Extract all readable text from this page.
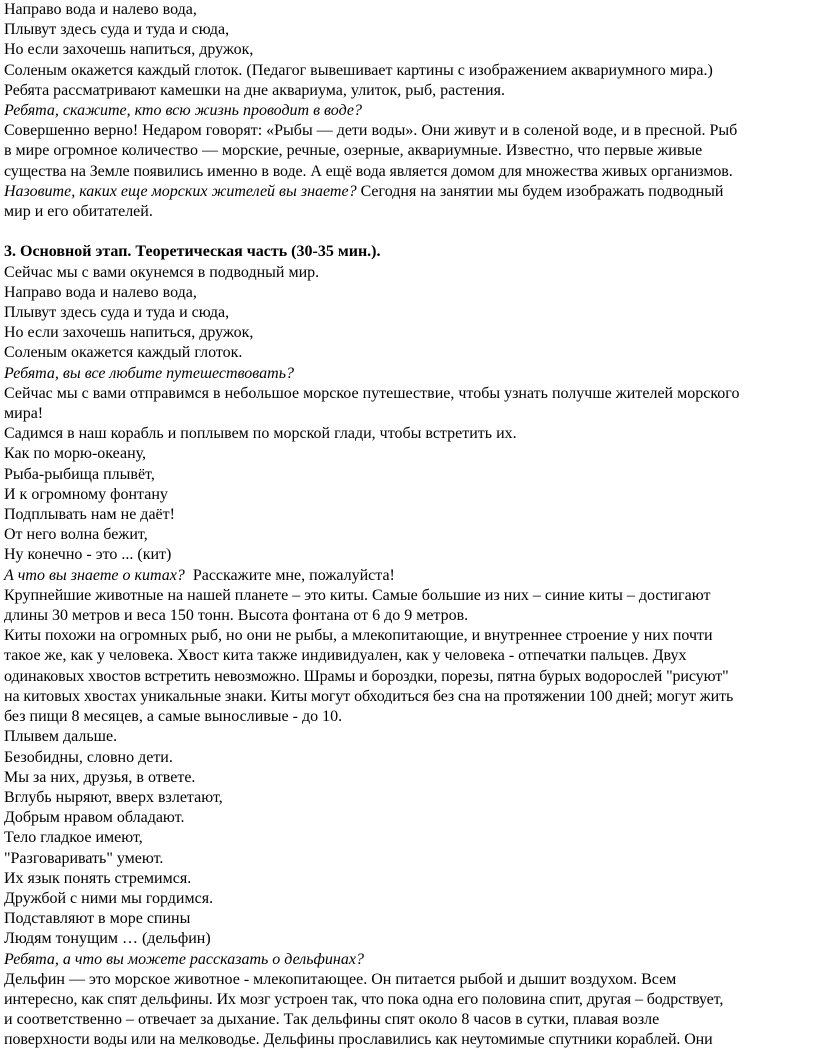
Направо вода и налево вода,
Плывут здесь суда и туда и сюда,
Но если захочешь напиться, дружок,
Соленым окажется каждый глоток. (Педагог вывешивает картины с изображением аквариумного мира.)
Ребята рассматривают камешки на дне аквариума, улиток, рыб, растения.
Ребята, скажите, кто всю жизнь проводит в воде?
Совершенно верно! Недаром говорят: «Рыбы — дети воды». Они живут и в соленой воде, и в пресной. Рыб
в мире огромное количество — морские, речные, озерные, аквариумные. Известно, что первые живые
существа на Земле появились именно в воде. А ещё вода является домом для множества живых организмов.
Назовите, каких еще морских жителей вы знаете? Сегодня на занятии мы будем изображать подводный
мир и его обитателей.
3. Основной этап. Теоретическая часть (30-35 мин.).
Сейчас мы с вами окунемся в подводный мир.
Направо вода и налево вода,
Плывут здесь суда и туда и сюда,
Но если захочешь напиться, дружок,
Соленым окажется каждый глоток.
Ребята, вы все любите путешествовать?
Сейчас мы с вами отправимся в небольшое морское путешествие, чтобы узнать получше жителей морского
мира!
Садимся в наш корабль и поплывем по морской глади, чтобы встретить их.
Как по морю-океану,
Рыба-рыбища плывёт,
И к огромному фонтану
Подплывать нам не даёт!
От него волна бежит,
Ну конечно - это ... (кит)
А что вы знаете о китах?  Расскажите мне, пожалуйста!
Крупнейшие животные на нашей планете – это киты. Самые большие из них – синие киты – достигают
длины 30 метров и веса 150 тонн. Высота фонтана от 6 до 9 метров.
Киты похожи на огромных рыб, но они не рыбы, а млекопитающие, и внутреннее строение у них почти
такое же, как у человека. Хвост кита также индивидуален, как у человека - отпечатки пальцев. Двух
одинаковых хвостов встретить невозможно. Шрамы и бороздки, порезы, пятна бурых водорослей "рисуют"
на китовых хвостах уникальные знаки. Киты могут обходиться без сна на протяжении 100 дней; могут жить
без пищи 8 месяцев, а самые выносливые - до 10.
Плывем дальше.
Безобидны, словно дети.
Мы за них, друзья, в ответе.
Вглубь ныряют, вверх взлетают,
Добрым нравом обладают.
Тело гладкое имеют,
"Разговаривать" умеют.
Их язык понять стремимся.
Дружбой с ними мы гордимся.
Подставляют в море спины
Людям тонущим … (дельфин)
Ребята, а что вы можете рассказать о дельфинах?
Дельфин — это морское животное - млекопитающее. Он питается рыбой и дышит воздухом. Всем
интересно, как спят дельфины. Их мозг устроен так, что пока одна его половина спит, другая – бодрствует,
и соответственно – отвечает за дыхание. Так дельфины спят около 8 часов в сутки, плавая возле
поверхности воды или на мелководье. Дельфины прославились как неутомимые спутники кораблей. Они
